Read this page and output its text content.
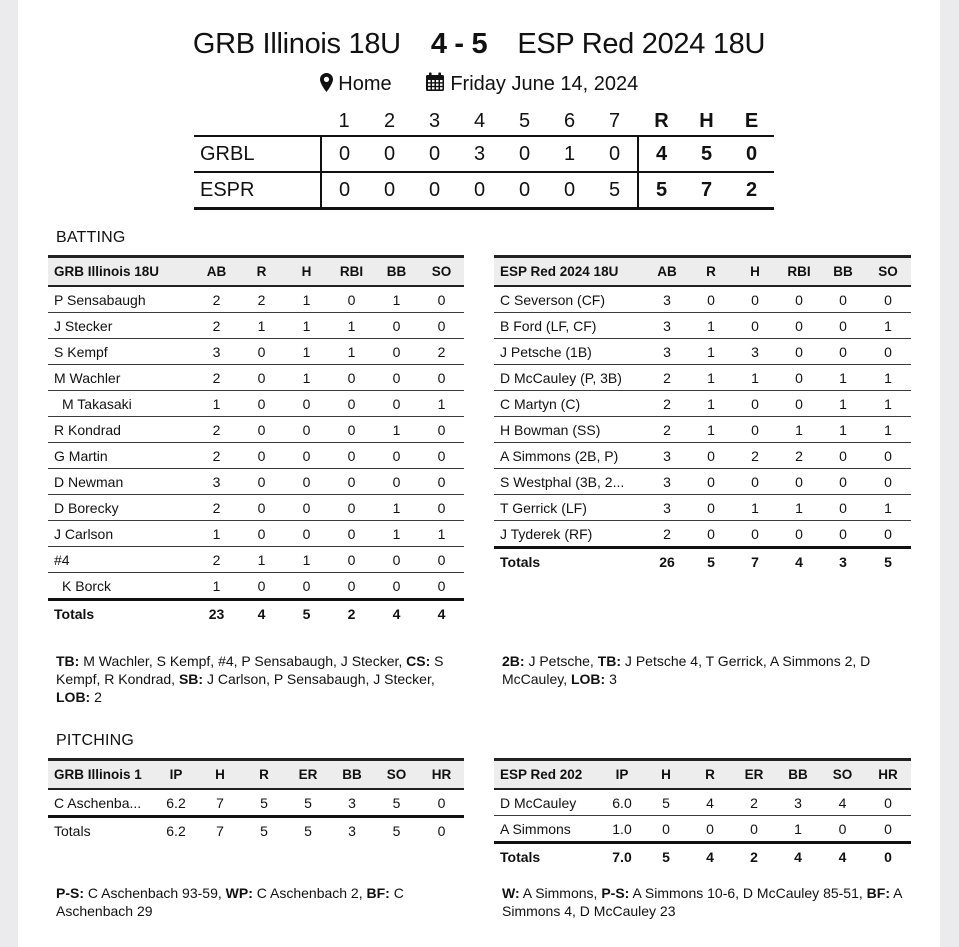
GRB Illinois 18U 4 - 5 ESP Red 2024 18U
Home	Friday June 14, 2024
	1	2	3	4	5	6	7	R	H	E
GRBL	0	0	0	3	0	1	0	4	5	0
ESPR	0	0	0	0	0	0	5	5	7	2
BATTING
GRB Illinois 18U	AB	R	H	RBI	BB	SO
P Sensabaugh	2	2	1	0	1	0
J Stecker	2	1	1	1	0	0
S Kempf	3	0	1	1	0	2
M Wachler	2	0	1	0	0	0
M Takasaki	1	0	0	0	0	1
R Kondrad	2	0	0	0	1	0
G Martin	2	0	0	0	0	0
D Newman	3	0	0	0	0	0
D Borecky	2	0	0	0	1	0
J Carlson	1	0	0	0	1	1
#4	2	1	1	0	0	0
K Borck	1	0	0	0	0	0
Totals	23	4	5	2	4	4
ESP Red 2024 18U	AB	R	H	RBI	BB	SO
C Severson (CF)	3	0	0	0	0	0
B Ford (LF, CF)	3	1	0	0	0	1
J Petsche (1B)	3	1	3	0	0	0
D McCauley (P, 3B)	2	1	1	0	1	1
C Martyn (C)	2	1	0	0	1	1
H Bowman (SS)	2	1	0	1	1	1
A Simmons (2B, P)	3	0	2	2	0	0
S Westphal (3B, 2...	3	0	0	0	0	0
T Gerrick (LF)	3	0	1	1	0	1
J Tyderek (RF)	2	0	0	0	0	0
Totals	26	5	7	4	3	5
TB: M Wachler, S Kempf, #4, P Sensabaugh, J Stecker, CS: S Kempf, R Kondrad, SB: J Carlson, P Sensabaugh, J Stecker, LOB: 2
2B: J Petsche, TB: J Petsche 4, T Gerrick, A Simmons 2, D McCauley, LOB: 3
PITCHING
GRB Illinois 1	IP	H	R	ER	BB	SO	HR
C Aschenba...	6.2	7	5	5	3	5	0
Totals	6.2	7	5	5	3	5	0
ESP Red 202	IP	H	R	ER	BB	SO	HR
D McCauley	6.0	5	4	2	3	4	0
A Simmons	1.0	0	0	0	1	0	0
Totals	7.0	5	4	2	4	4	0
P-S: C Aschenbach 93-59, WP: C Aschenbach 2, BF: C Aschenbach 29
W: A Simmons, P-S: A Simmons 10-6, D McCauley 85-51, BF: A Simmons 4, D McCauley 23
